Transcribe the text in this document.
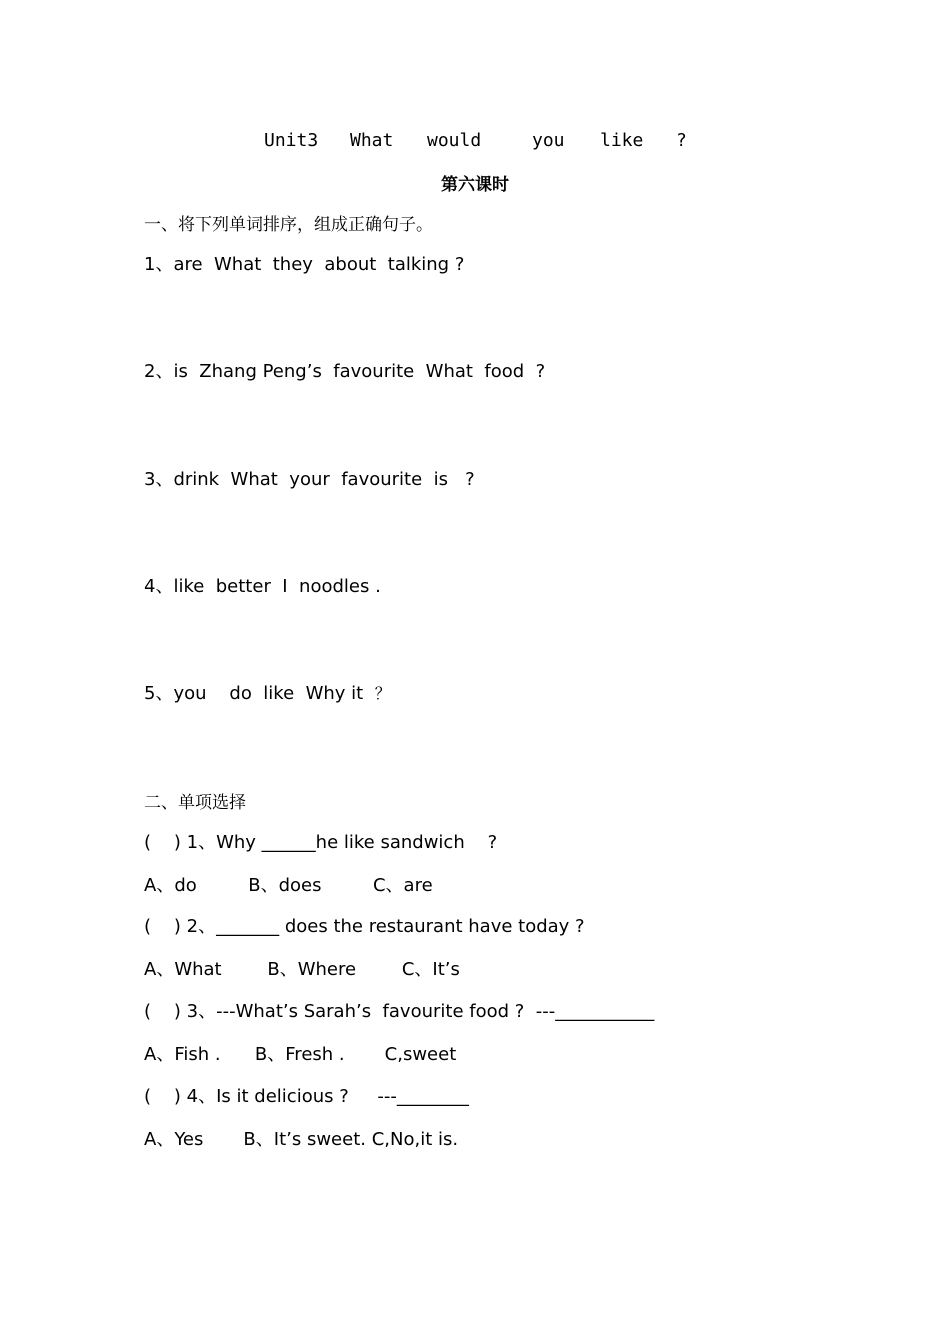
Unit3

What

would

	you

like

?

第六课时
一、将下列单词排序，组成正确句子。
1、are  What  they  about  talking ?
2、is  Zhang Peng’s  favourite  What  food  ?
3、drink  What  your  favourite  is   ?
4、like  better  I  noodles .
5、you    do  like  Why it  ？
二、单项选择
(    ) 1、Why ______he like sandwich    ?
A、do         B、does         C、are
(    ) 2、_______ does the restaurant have today ?
A、What        B、Where        C、It’s
(    ) 3、---What’s Sarah’s  favourite food ?  ---___________
A、Fish .      B、Fresh .       C,sweet
(    ) 4、Is it delicious ?     ---________
A、Yes       B、It’s sweet. C,No,it is.
